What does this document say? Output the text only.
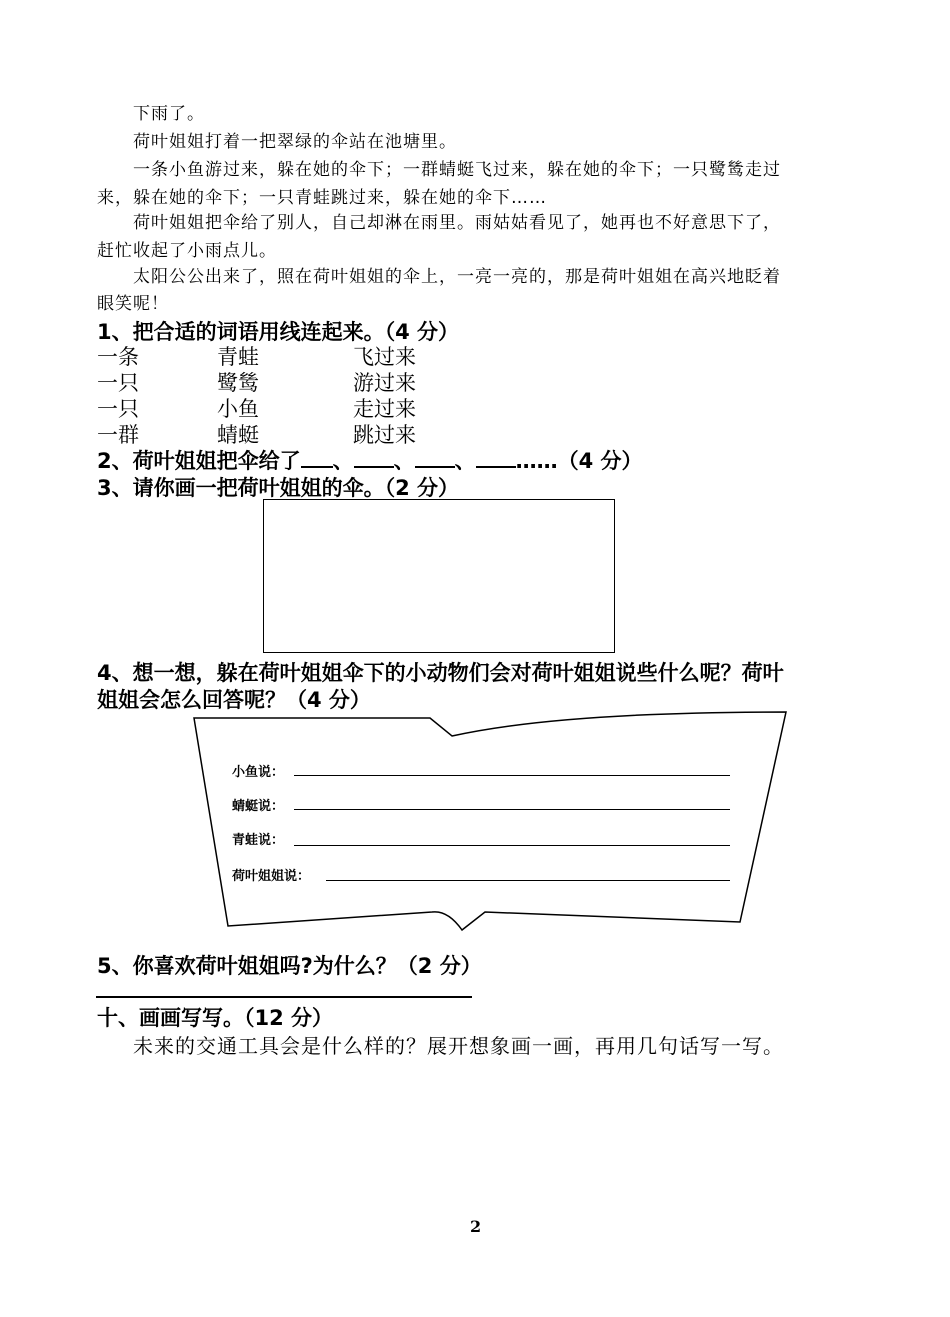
下雨了。
荷叶姐姐打着一把翠绿的伞站在池塘里。
一条小鱼游过来，躲在她的伞下；一群蜻蜓飞过来，躲在她的伞下；一只鹭鸶走过
来，躲在她的伞下；一只青蛙跳过来，躲在她的伞下……
荷叶姐姐把伞给了别人，自己却淋在雨里。雨姑姑看见了，她再也不好意思下了，
赶忙收起了小雨点儿。
太阳公公出来了，照在荷叶姐姐的伞上，一亮一亮的，那是荷叶姐姐在高兴地眨着
眼笑呢！
1、把合适的词语用线连起来。（4 分）
一条
一只
一只
一群
青蛙
鹭鸶
小鱼
蜻蜓
飞过来
游过来
走过来
跳过来
2、荷叶姐姐把伞给了 、 、 、 ……（4 分）
3、请你画一把荷叶姐姐的伞。（2 分）
4、想一想，躲在荷叶姐姐伞下的小动物们会对荷叶姐姐说些什么呢？荷叶
姐姐会怎么回答呢？（4 分）
小鱼说：
蜻蜓说：
青蛙说：
荷叶姐姐说：
5、你喜欢荷叶姐姐吗?为什么？（2 分）
十、画画写写。（12 分）
未来的交通工具会是什么样的？展开想象画一画，再用几句话写一写。
2
